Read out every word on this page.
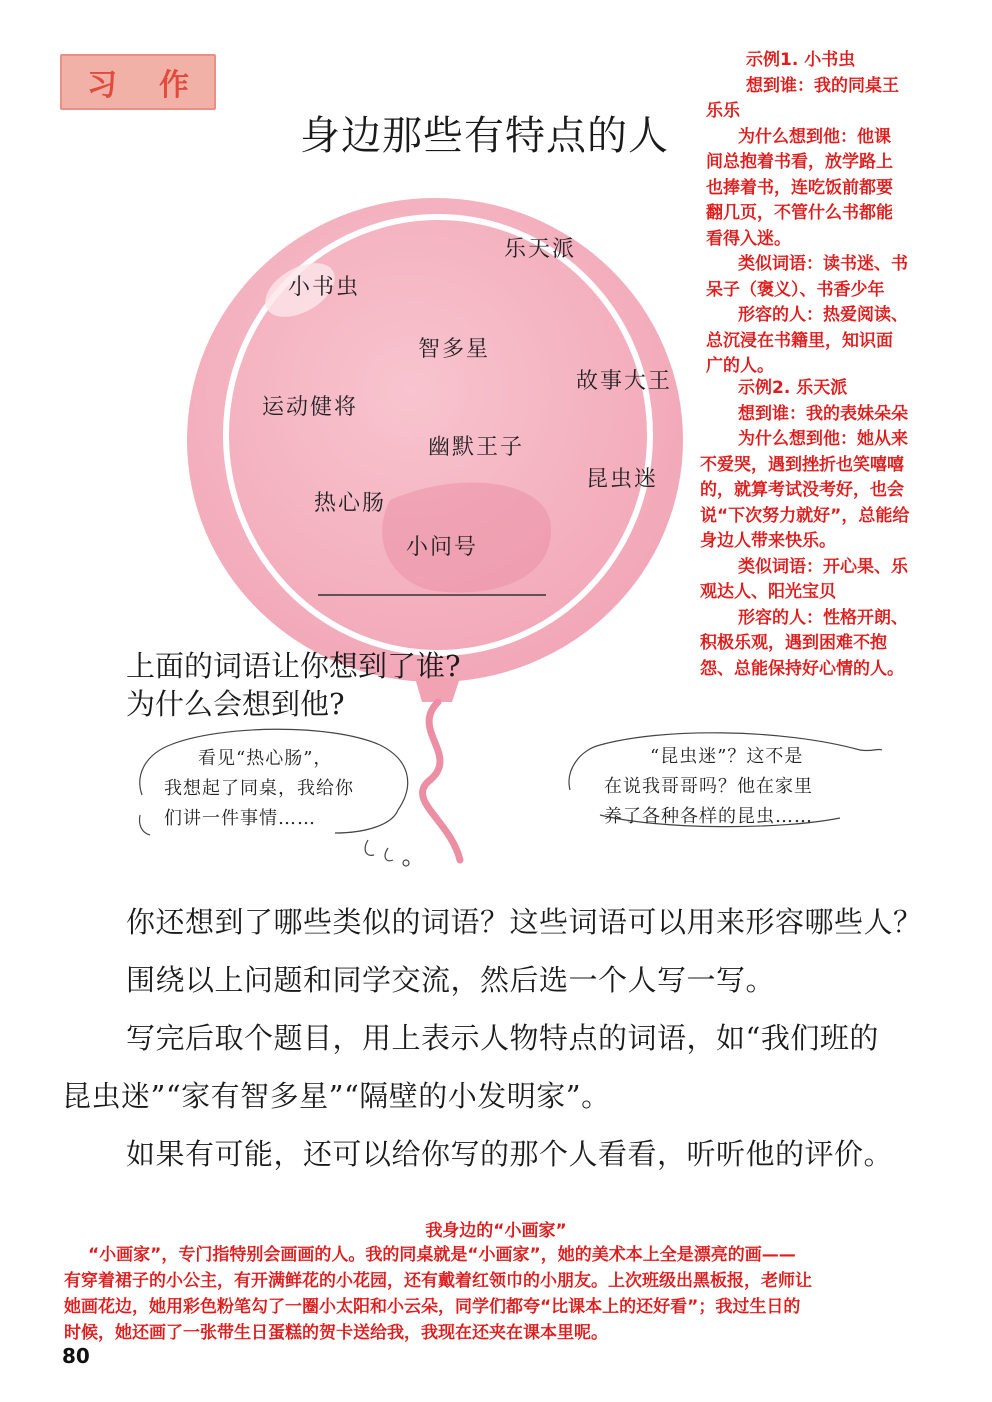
习 作
身边那些有特点的人
乐天派
小书虫
智多星
故事大王
运动健将
幽默王子
昆虫迷
热心肠
小问号
上面的词语让你想到了谁?
为什么会想到他?
看见“热心肠”，
我想起了同桌，我给你
们讲一件事情……
“昆虫迷”？这不是
在说我哥哥吗？他在家里
养了各种各样的昆虫……
你还想到了哪些类似的词语？这些词语可以用来形容哪些人？
围绕以上问题和同学交流，然后选一个人写一写。
写完后取个题目，用上表示人物特点的词语，如“我们班的
昆虫迷”“家有智多星”“隔壁的小发明家”。
如果有可能，还可以给你写的那个人看看，听听他的评价。
示例1. 小书虫
想到谁：我的同桌王
乐乐
为什么想到他：他课
间总抱着书看，放学路上
也捧着书，连吃饭前都要
翻几页，不管什么书都能
看得入迷。
类似词语：读书迷、书
呆子（褒义）、书香少年
形容的人：热爱阅读、
总沉浸在书籍里，知识面
广的人。
示例2. 乐天派
想到谁：我的表妹朵朵
为什么想到他：她从来
不爱哭，遇到挫折也笑嘻嘻
的，就算考试没考好，也会
说“下次努力就好”，总能给
身边人带来快乐。
类似词语：开心果、乐
观达人、阳光宝贝
形容的人：性格开朗、
积极乐观，遇到困难不抱
怨、总能保持好心情的人。
我身边的“小画家”
“小画家”，专门指特别会画画的人。我的同桌就是“小画家”，她的美术本上全是漂亮的画——
有穿着裙子的小公主，有开满鲜花的小花园，还有戴着红领巾的小朋友。上次班级出黑板报，老师让
她画花边，她用彩色粉笔勾了一圈小太阳和小云朵，同学们都夸“比课本上的还好看”；我过生日的
时候，她还画了一张带生日蛋糕的贺卡送给我，我现在还夹在课本里呢。
80
